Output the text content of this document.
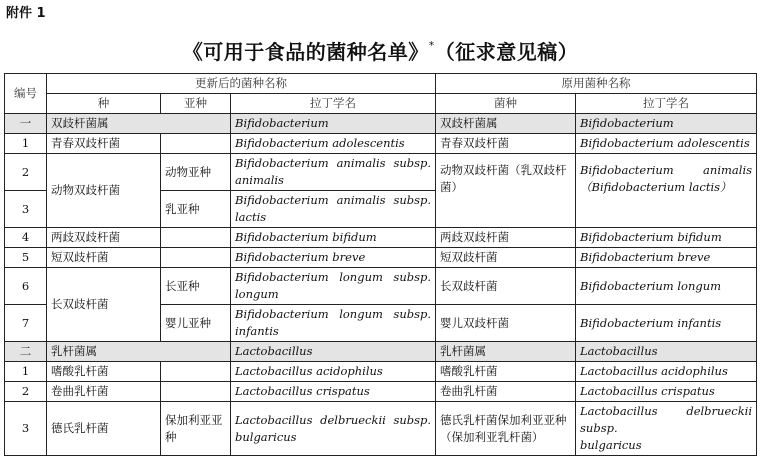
附件 1
《可用于食品的菌种名单》*（征求意见稿）
编号	更新后的菌种名称			原用菌种名称	
	种	亚种	拉丁学名	菌种	拉丁学名
一	双歧杆菌属		Bifidobacterium	双歧杆菌属	Bifidobacterium
1	青春双歧杆菌		Bifidobacterium adolescentis	青春双歧杆菌	Bifidobacterium adolescentis
2	动物双歧杆菌	动物亚种	Bifidobacterium animalis subsp.
animalis	动物双歧杆菌（乳双歧杆菌）	Bifidobacterium animalis
（Bifidobacterium lactis）

3		乳亚种	Bifidobacterium animalis subsp.
lactis		

4	两歧双歧杆菌		Bifidobacterium bifidum	两歧双歧杆菌	Bifidobacterium bifidum
5	短双歧杆菌		Bifidobacterium breve	短双歧杆菌	Bifidobacterium breve
6	长双歧杆菌	长亚种	Bifidobacterium longum subsp.
longum	长双歧杆菌	Bifidobacterium longum
7		婴儿亚种	Bifidobacterium longum subsp.
infantis	婴儿双歧杆菌	Bifidobacterium infantis
二	乳杆菌属		Lactobacillus	乳杆菌属	Lactobacillus
1	嗜酸乳杆菌		Lactobacillus acidophilus	嗜酸乳杆菌	Lactobacillus acidophilus
2	卷曲乳杆菌		Lactobacillus crispatus	卷曲乳杆菌	Lactobacillus crispatus
3	德氏乳杆菌	保加利亚亚种	Lactobacillus delbrueckii subsp.
bulgaricus	德氏乳杆菌保加利亚亚种（保加利亚乳杆菌）	Lactobacillus delbrueckii subsp.
bulgaricus
